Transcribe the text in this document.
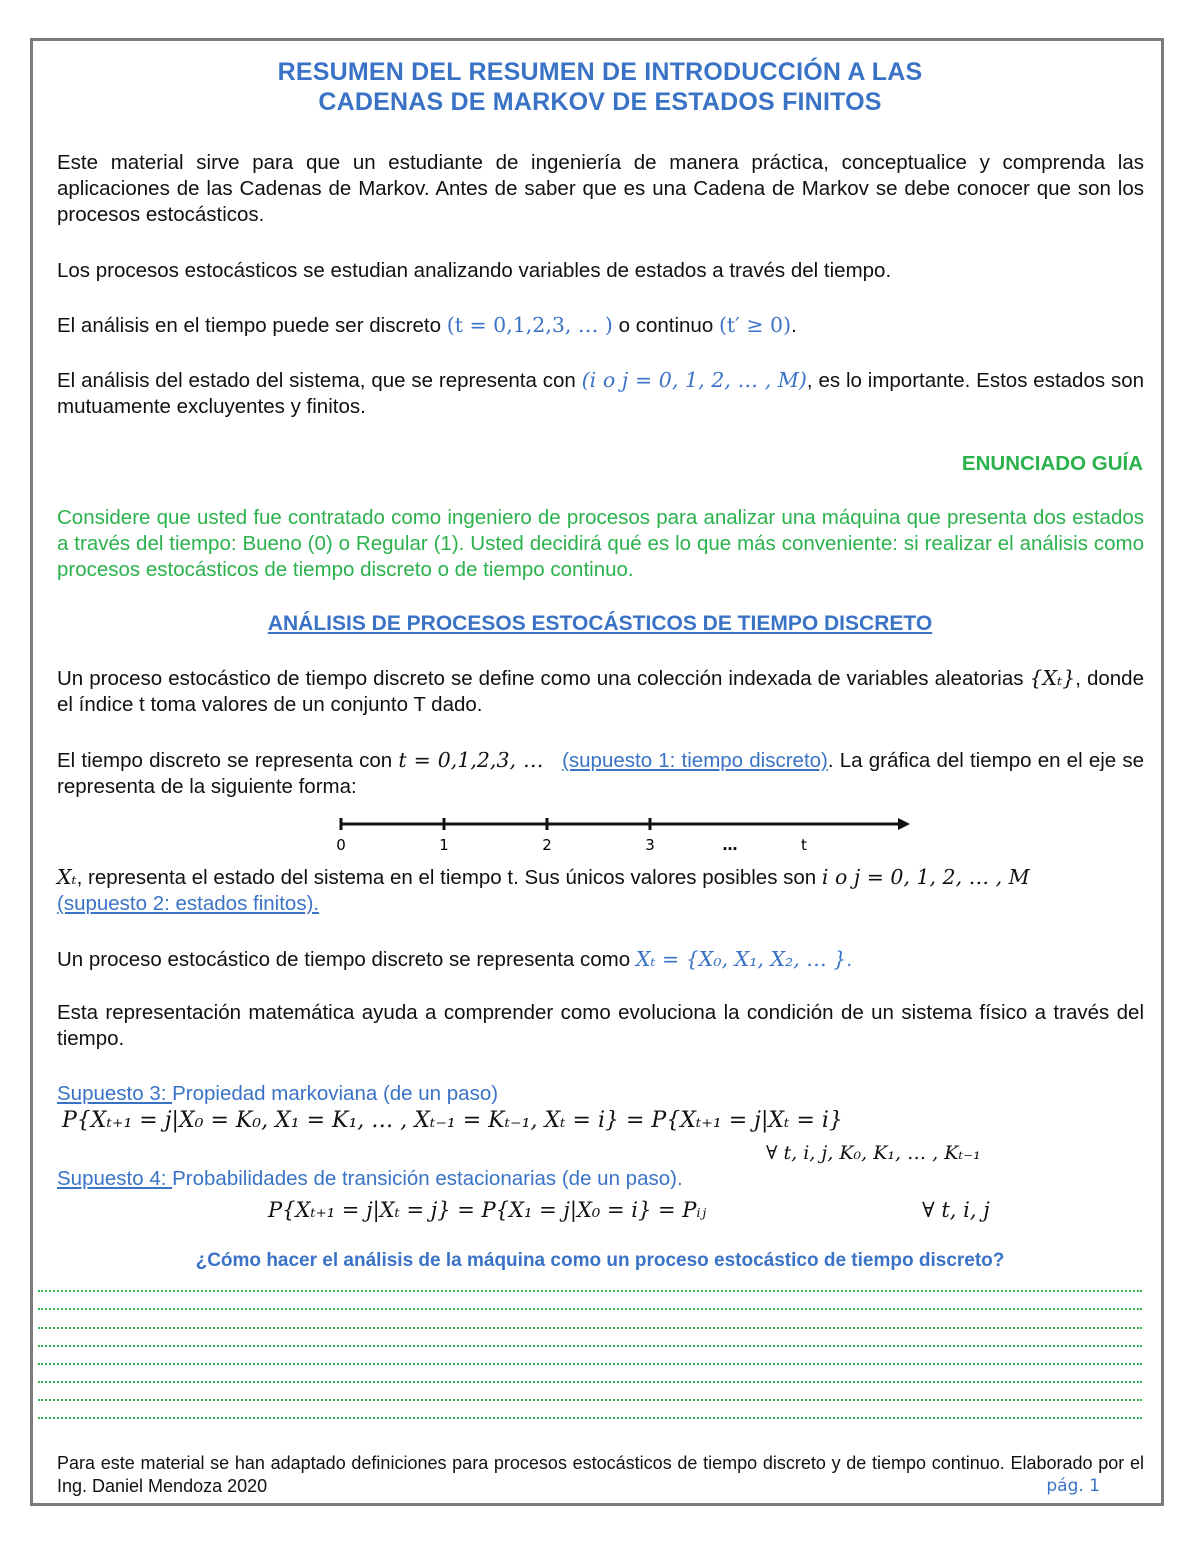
RESUMEN DEL RESUMEN DE INTRODUCCIÓN A LAS
CADENAS DE MARKOV DE ESTADOS FINITOS
Este material sirve para que un estudiante de ingeniería de manera práctica, conceptualice y comprenda las aplicaciones de las Cadenas de Markov. Antes de saber que es una Cadena de Markov se debe conocer que son los procesos estocásticos.
Los procesos estocásticos se estudian analizando variables de estados a través del tiempo.
El análisis en el tiempo puede ser discreto (t = 0,1,2,3, … ) o continuo (t′ ≥ 0).
El análisis del estado del sistema, que se representa con (i o j = 0, 1, 2, … , M), es lo importante. Estos estados son mutuamente excluyentes y finitos.
ENUNCIADO GUÍA
Considere que usted fue contratado como ingeniero de procesos para analizar una máquina que presenta dos estados a través del tiempo: Bueno (0) o Regular (1). Usted decidirá qué es lo que más conveniente: si realizar el análisis como procesos estocásticos de tiempo discreto o de tiempo continuo.
ANÁLISIS DE PROCESOS ESTOCÁSTICOS DE TIEMPO DISCRETO
Un proceso estocástico de tiempo discreto se define como una colección indexada de variables aleatorias {Xₜ}, donde el índice t toma valores de un conjunto T dado.
El tiempo discreto se representa con t = 0,1,2,3, … (supuesto 1: tiempo discreto). La gráfica del tiempo en el eje se representa de la siguiente forma:
0	1	2	3	…	t
Xₜ, representa el estado del sistema en el tiempo t. Sus únicos valores posibles son i o j = 0, 1, 2, … , M
(supuesto 2: estados finitos).
Un proceso estocástico de tiempo discreto se representa como Xₜ = {X₀, X₁, X₂, … }.
Esta representación matemática ayuda a comprender como evoluciona la condición de un sistema físico a través del tiempo.
Supuesto 3: Propiedad markoviana (de un paso)
P{Xₜ₊₁ = j|X₀ = K₀, X₁ = K₁, … , Xₜ₋₁ = Kₜ₋₁, Xₜ = i} = P{Xₜ₊₁ = j|Xₜ = i}
∀ t, i, j, K₀, K₁, … , Kₜ₋₁
Supuesto 4: Probabilidades de transición estacionarias (de un paso).
P{Xₜ₊₁ = j|Xₜ = j} = P{X₁ = j|X₀ = i} = Pᵢⱼ	∀ t, i, j
¿Cómo hacer el análisis de la máquina como un proceso estocástico de tiempo discreto?
Para este material se han adaptado definiciones para procesos estocásticos de tiempo discreto y de tiempo continuo. Elaborado por el Ing. Daniel Mendoza 2020	pág. 1
